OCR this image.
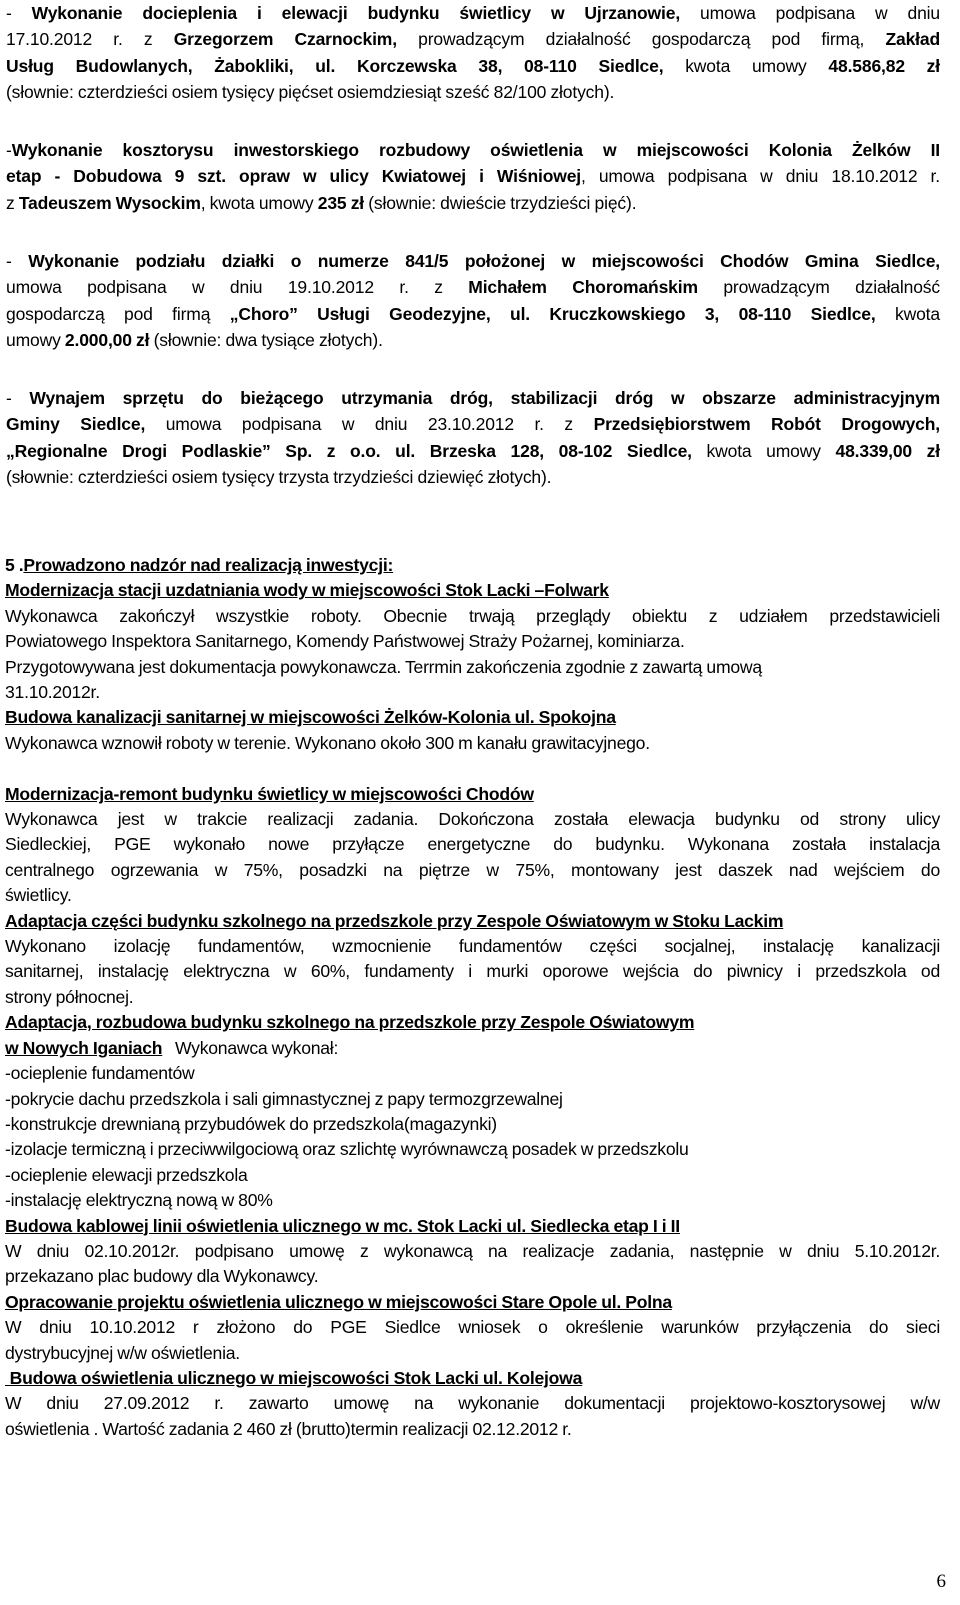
- Wykonanie docieplenia i elewacji budynku świetlicy w Ujrzanowie, umowa podpisana w dniu
17.10.2012 r. z Grzegorzem Czarnockim, prowadzącym działalność gospodarczą pod firmą, Zakład
Usług Budowlanych, Żabokliki, ul. Korczewska 38, 08-110 Siedlce, kwota umowy 48.586,82 zł
(słownie: czterdzieści osiem tysięcy pięćset osiemdziesiąt sześć 82/100 złotych).

-Wykonanie kosztorysu inwestorskiego rozbudowy oświetlenia w miejscowości Kolonia Żelków II
etap - Dobudowa 9 szt. opraw w ulicy Kwiatowej i Wiśniowej, umowa podpisana w dniu 18.10.2012 r.
z Tadeuszem Wysockim, kwota umowy 235 zł (słownie: dwieście trzydzieści pięć).

- Wykonanie podziału działki o numerze 841/5 położonej w miejscowości Chodów Gmina Siedlce,
umowa podpisana w dniu 19.10.2012 r. z Michałem Choromańskim prowadzącym działalność
gospodarczą pod firmą „Choro” Usługi Geodezyjne, ul. Kruczkowskiego 3, 08-110 Siedlce, kwota
umowy 2.000,00 zł (słownie: dwa tysiące złotych).

- Wynajem sprzętu do bieżącego utrzymania dróg, stabilizacji dróg w obszarze administracyjnym
Gminy Siedlce, umowa podpisana w dniu 23.10.2012 r. z Przedsiębiorstwem Robót Drogowych,
„Regionalne Drogi Podlaskie” Sp. z o.o. ul. Brzeska 128, 08-102 Siedlce, kwota umowy 48.339,00 zł
(słownie: czterdzieści osiem tysięcy trzysta trzydzieści dziewięć złotych).

5 .Prowadzono nadzór nad realizacją inwestycji:
Modernizacja stacji uzdatniania wody w miejscowości Stok Lacki –Folwark
Wykonawca zakończył wszystkie roboty. Obecnie trwają przeglądy obiektu z udziałem przedstawicieli
Powiatowego Inspektora Sanitarnego, Komendy Państwowej Straży Pożarnej, kominiarza.
Przygotowywana jest dokumentacja powykonawcza. Terrmin zakończenia zgodnie z zawartą umową
31.10.2012r.
Budowa kanalizacji sanitarnej w miejscowości Żelków-Kolonia ul. Spokojna
Wykonawca wznowił roboty w terenie. Wykonano około 300 m kanału grawitacyjnego.
Modernizacja-remont budynku świetlicy w miejscowości Chodów
Wykonawca jest w trakcie realizacji zadania. Dokończona została elewacja budynku od strony ulicy
Siedleckiej, PGE wykonało nowe przyłącze energetyczne do budynku. Wykonana została instalacja
centralnego ogrzewania w 75%, posadzki na piętrze w 75%, montowany jest daszek nad wejściem do
świetlicy.
Adaptacja części budynku szkolnego na przedszkole przy Zespole Oświatowym w Stoku Lackim
Wykonano izolację fundamentów, wzmocnienie fundamentów części socjalnej, instalację kanalizacji
sanitarnej, instalację elektryczna w 60%, fundamenty i murki oporowe wejścia do piwnicy i przedszkola od
strony północnej.
Adaptacja, rozbudowa budynku szkolnego na przedszkole przy Zespole Oświatowym
w Nowych Iganiach   Wykonawca wykonał:
-ocieplenie fundamentów
-pokrycie dachu przedszkola i sali gimnastycznej z papy termozgrzewalnej
-konstrukcje drewnianą przybudówek do przedszkola(magazynki)
-izolacje termiczną i przeciwwilgociową oraz szlichtę wyrównawczą posadek w przedszkolu
-ocieplenie elewacji przedszkola
-instalację elektryczną nową w 80%
Budowa kablowej linii oświetlenia ulicznego w mc. Stok Lacki ul. Siedlecka etap I i II
W dniu 02.10.2012r. podpisano umowę z wykonawcą na realizacje zadania, następnie w dniu 5.10.2012r.
przekazano plac budowy dla Wykonawcy.
Opracowanie projektu oświetlenia ulicznego w miejscowości Stare Opole ul. Polna
W dniu 10.10.2012 r złożono do PGE Siedlce wniosek o określenie warunków przyłączenia do sieci
dystrybucyjnej w/w oświetlenia.
Budowa oświetlenia ulicznego w miejscowości Stok Lacki ul. Kolejowa
W dniu 27.09.2012 r. zawarto umowę na wykonanie dokumentacji projektowo-kosztorysowej w/w
oświetlenia . Wartość zadania 2 460 zł (brutto)termin realizacji 02.12.2012 r.
6
